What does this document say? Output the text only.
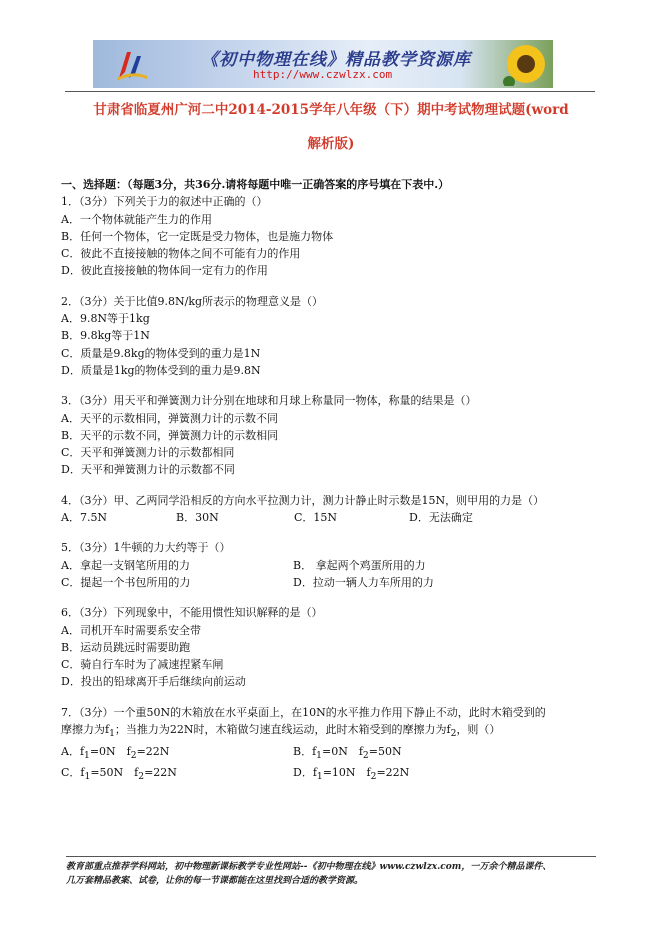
《初中物理在线》精品教学资源库
http://www.czwlzx.com
甘肃省临夏州广河二中2014-2015学年八年级（下）期中考试物理试题(word
解析版)
一、选择题：（每题3分，共36分.请将每题中唯一正确答案的序号填在下表中.）
1．（3分）下列关于力的叙述中正确的（）
A．一个物体就能产生力的作用
B．任何一个物体，它一定既是受力物体，也是施力物体
C．彼此不直接接触的物体之间不可能有力的作用
D．彼此直接接触的物体间一定有力的作用
2．（3分）关于比值9.8N/kg所表示的物理意义是（）
A．9.8N等于1kg
B．9.8kg等于1N
C．质量是9.8kg的物体受到的重力是1N
D．质量是1kg的物体受到的重力是9.8N
3．（3分）用天平和弹簧测力计分别在地球和月球上称量同一物体，称量的结果是（）
A．天平的示数相同，弹簧测力计的示数不同
B．天平的示数不同，弹簧测力计的示数相同
C．天平和弹簧测力计的示数都相同
D．天平和弹簧测力计的示数都不同
4．（3分）甲、乙两同学沿相反的方向水平拉测力计，测力计静止时示数是15N，则甲用的力是（）
A．7.5N	B．30N	C．15N	D．无法确定
5．（3分）1牛顿的力大约等于（）
A．拿起一支钢笔所用的力	B． 拿起两个鸡蛋所用的力
C．提起一个书包所用的力	D．拉动一辆人力车所用的力
6．（3分）下列现象中，不能用惯性知识解释的是（）
A．司机开车时需要系安全带
B．运动员跳远时需要助跑
C．骑自行车时为了减速捏紧车闸
D．投出的铅球离开手后继续向前运动
7．（3分）一个重50N的木箱放在水平桌面上，在10N的水平推力作用下静止不动，此时木箱受到的
摩擦力为$f_1$；当推力为22N时，木箱做匀速直线运动，此时木箱受到的摩擦力为$f_2$，则（）
A．$f_1=0N$　$f_2=22N$	B．$f_1=0N$　$f_2=50N$
C．$f_1=50N$　$f_2=22N$	D．$f_1=10N$　$f_2=22N$
教育部重点推荐学科网站，初中物理新课标教学专业性网站--《初中物理在线》www.czwlzx.com，一万余个精品课件、
几万套精品教案、试卷，让你的每一节课都能在这里找到合适的教学资源。
